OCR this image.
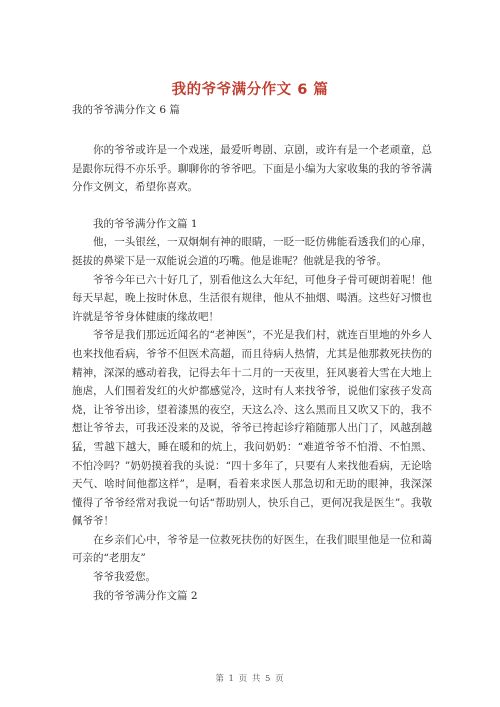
我的爷爷满分作文 6 篇
我的爷爷满分作文 6 篇

你的爷爷或许是一个戏迷，最爱听粤剧、京剧，或许有是一个老顽童，总是跟你玩得不亦乐乎。聊聊你的爷爷吧。下面是小编为大家收集的我的爷爷满分作文例文，希望你喜欢。

我的爷爷满分作文篇 1

他，一头银丝，一双炯炯有神的眼睛，一眨一眨仿佛能看透我们的心扉，挺拔的鼻梁下是一双能说会道的巧嘴。他是谁呢？他就是我的爷爷。

爷爷今年已六十好几了，别看他这么大年纪，可他身子骨可硬朗着呢！他每天早起，晚上按时休息，生活很有规律，他从不抽烟、喝酒。这些好习惯也许就是爷爷身体健康的缘故吧！

爷爷是我们那远近闻名的“老神医”，不光是我们村，就连百里地的外乡人也来找他看病，爷爷不但医术高超，而且待病人热情，尤其是他那救死扶伤的精神，深深的感动着我，记得去年十二月的一天夜里，狂风裹着大雪在大地上施虐，人们围着发红的火炉都感觉冷，这时有人来找爷爷，说他们家孩子发高烧，让爷爷出诊，望着漆黑的夜空，天这么冷、这么黑而且又吹又下的，我不想让爷爷去，可我还没来的及说，爷爷已挎起诊疗箱随那人出门了，风越刮越猛，雪越下越大，睡在暖和的炕上，我问奶奶：“难道爷爷不怕滑、不怕黑、不怕冷吗？”奶奶摸着我的头说：“四十多年了，只要有人来找他看病，无论啥天气、啥时间他都这样”，是啊，看着来求医人那急切和无助的眼神，我深深懂得了爷爷经常对我说一句话“帮助别人，快乐自己，更何况我是医生”。我敬佩爷爷！

在乡亲们心中，爷爷是一位救死扶伤的好医生，在我们眼里他是一位和蔼可亲的“老朋友”

爷爷我爱您。

我的爷爷满分作文篇 2

第 1 页 共 5 页
